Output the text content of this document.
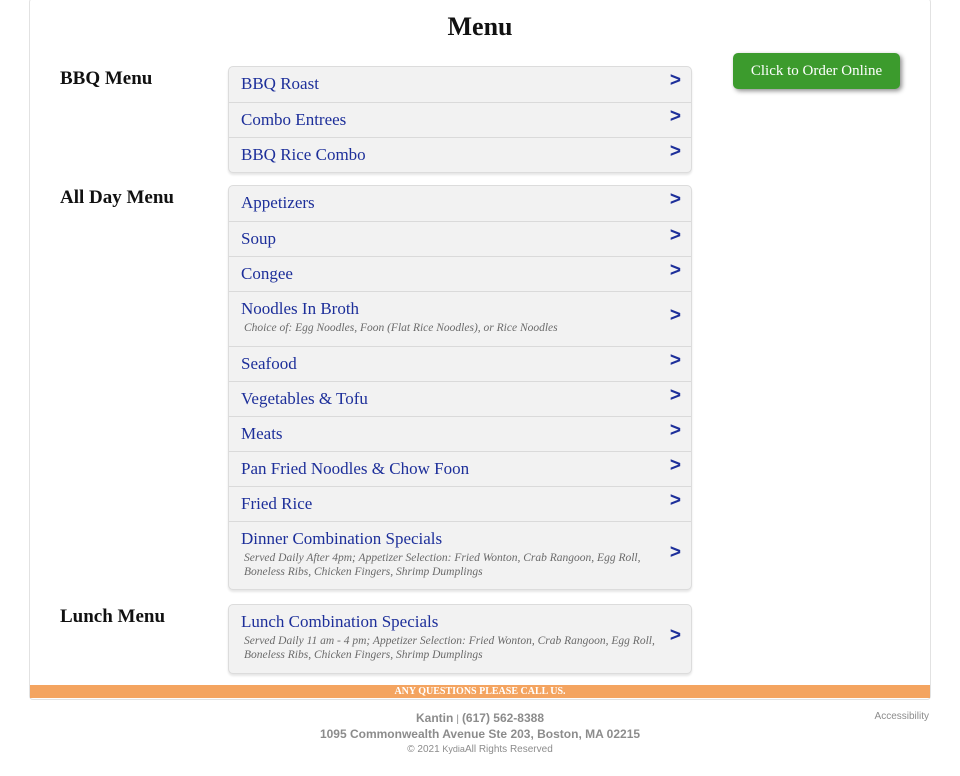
Menu
Click to Order Online
BBQ Menu	BBQ Roast	>
Combo Entrees	>
BBQ Rice Combo	>
All Day Menu	Appetizers	>
Soup	>
Congee	>
Noodles In Broth
Choice of: Egg Noodles, Foon (Flat Rice Noodles), or Rice Noodles
>
Seafood	>
Vegetables & Tofu	>
Meats	>
Pan Fried Noodles & Chow Foon	>
Fried Rice	>
Dinner Combination Specials
Served Daily After 4pm; Appetizer Selection: Fried Wonton, Crab Rangoon, Egg Roll, Boneless Ribs, Chicken Fingers, Shrimp Dumplings
>
Lunch Menu	Lunch Combination Specials
Served Daily 11 am - 4 pm; Appetizer Selection: Fried Wonton, Crab Rangoon, Egg Roll, Boneless Ribs, Chicken Fingers, Shrimp Dumplings
>
ANY QUESTIONS PLEASE CALL US.
Kantin | (617) 562-8388
1095 Commonwealth Avenue Ste 203, Boston, MA 02215
© 2021 KydiaAll Rights Reserved
Accessibility
